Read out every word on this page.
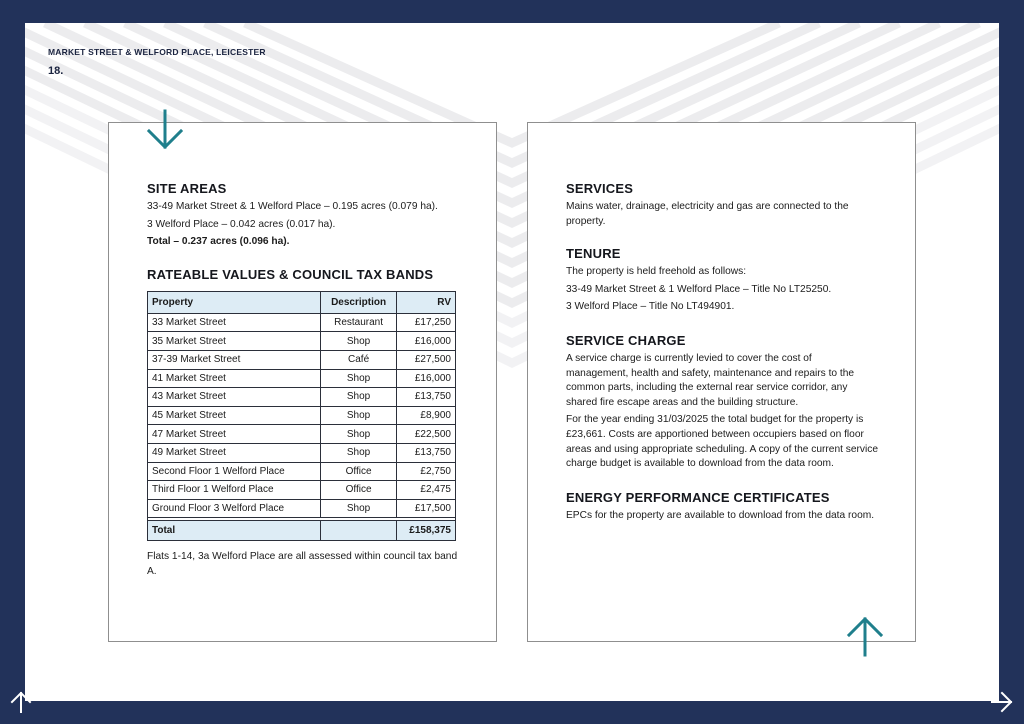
MARKET STREET & WELFORD PLACE, LEICESTER
18.
SITE AREAS
33-49 Market Street & 1 Welford Place – 0.195 acres (0.079 ha).
3 Welford Place – 0.042 acres (0.017 ha).
Total – 0.237 acres (0.096 ha).
RATEABLE VALUES & COUNCIL TAX BANDS
Property	Description	RV
33 Market Street	Restaurant	£17,250
35 Market Street	Shop	£16,000
37-39 Market Street	Café	£27,500
41 Market Street	Shop	£16,000
43 Market Street	Shop	£13,750
45 Market Street	Shop	£8,900
47 Market Street	Shop	£22,500
49 Market Street	Shop	£13,750
Second Floor 1 Welford Place	Office	£2,750
Third Floor 1 Welford Place	Office	£2,475
Ground Floor 3 Welford Place	Shop	£17,500

Total		£158,375
Flats 1-14, 3a Welford Place are all assessed within council tax band A.
SERVICES
Mains water, drainage, electricity and gas are connected to the property.
TENURE
The property is held freehold as follows:
33-49 Market Street & 1 Welford Place – Title No LT25250.
3 Welford Place – Title No LT494901.
SERVICE CHARGE
A service charge is currently levied to cover the cost of management, health and safety, maintenance and repairs to the common parts, including the external rear service corridor, any shared fire escape areas and the building structure.
For the year ending 31/03/2025 the total budget for the property is £23,661. Costs are apportioned between occupiers based on floor areas and using appropriate scheduling. A copy of the current service charge budget is available to download from the data room.
ENERGY PERFORMANCE CERTIFICATES
EPCs for the property are available to download from the data room.
